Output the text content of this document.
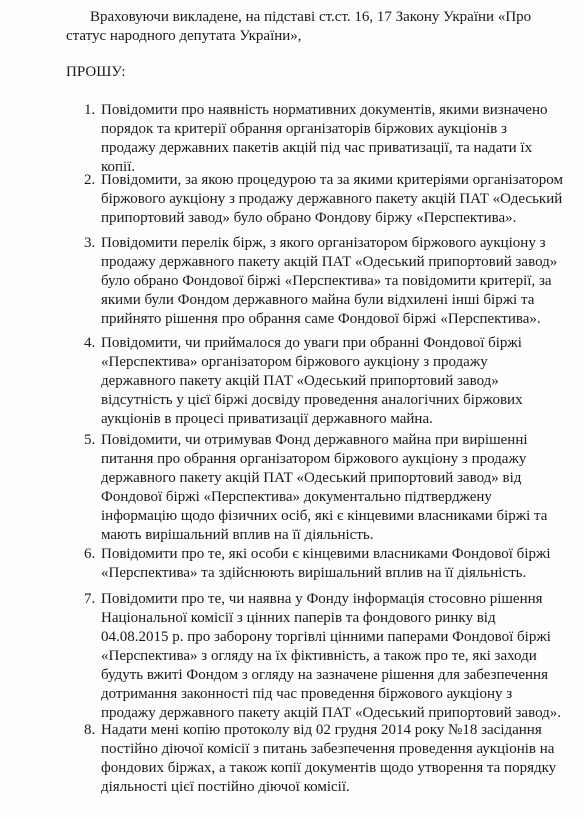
Враховуючи викладене, на підставі ст.ст. 16, 17 Закону України «Про статус народного депутата України»,

ПРОШУ:

1. Повідомити про наявність нормативних документів, якими визначено порядок та критерії обрання організаторів біржових аукціонів з продажу державних пакетів акцій під час приватизації, та надати їх копії.
2. Повідомити, за якою процедурою та за якими критеріями організатором біржового аукціону з продажу державного пакету акцій ПАТ «Одеський припортовий завод» було обрано Фондову біржу «Перспектива».
3. Повідомити перелік бірж, з якого організатором біржового аукціону з продажу державного пакету акцій ПАТ «Одеський припортовий завод» було обрано Фондової біржі «Перспектива» та повідомити критерії, за якими були Фондом державного майна були відхилені інші біржі та прийнято рішення про обрання саме Фондової біржі «Перспектива».
4. Повідомити, чи приймалося до уваги при обранні Фондової біржі «Перспектива» організатором біржового аукціону з продажу державного пакету акцій ПАТ «Одеський припортовий завод» відсутність у цієї біржі досвіду проведення аналогічних біржових аукціонів в процесі приватизації державного майна.
5. Повідомити, чи отримував Фонд державного майна при вирішенні питання про обрання організатором біржового аукціону з продажу державного пакету акцій ПАТ «Одеський припортовий завод» від Фондової біржі «Перспектива» документально підтверджену інформацію щодо фізичних осіб, які є кінцевими власниками біржі та мають вирішальний вплив на її діяльність.
6. Повідомити про те, які особи є кінцевими власниками Фондової біржі «Перспектива» та здійснюють вирішальний вплив на її діяльність.
7. Повідомити про те, чи наявна у Фонду інформація стосовно рішення Національної комісії з цінних паперів та фондового ринку від 04.08.2015 р. про заборону торгівлі цінними паперами Фондової біржі «Перспектива» з огляду на їх фіктивність, а також про те, які заходи будуть вжиті Фондом з огляду на зазначене рішення для забезпечення дотримання законності під час проведення біржового аукціону з продажу державного пакету акцій ПАТ «Одеський припортовий завод».
8. Надати мені копію протоколу від 02 грудня 2014 року №18 засідання постійно діючої комісії з питань забезпечення проведення аукціонів на фондових біржах, а також копії документів щодо утворення та порядку діяльності цієї постійно діючої комісії.
